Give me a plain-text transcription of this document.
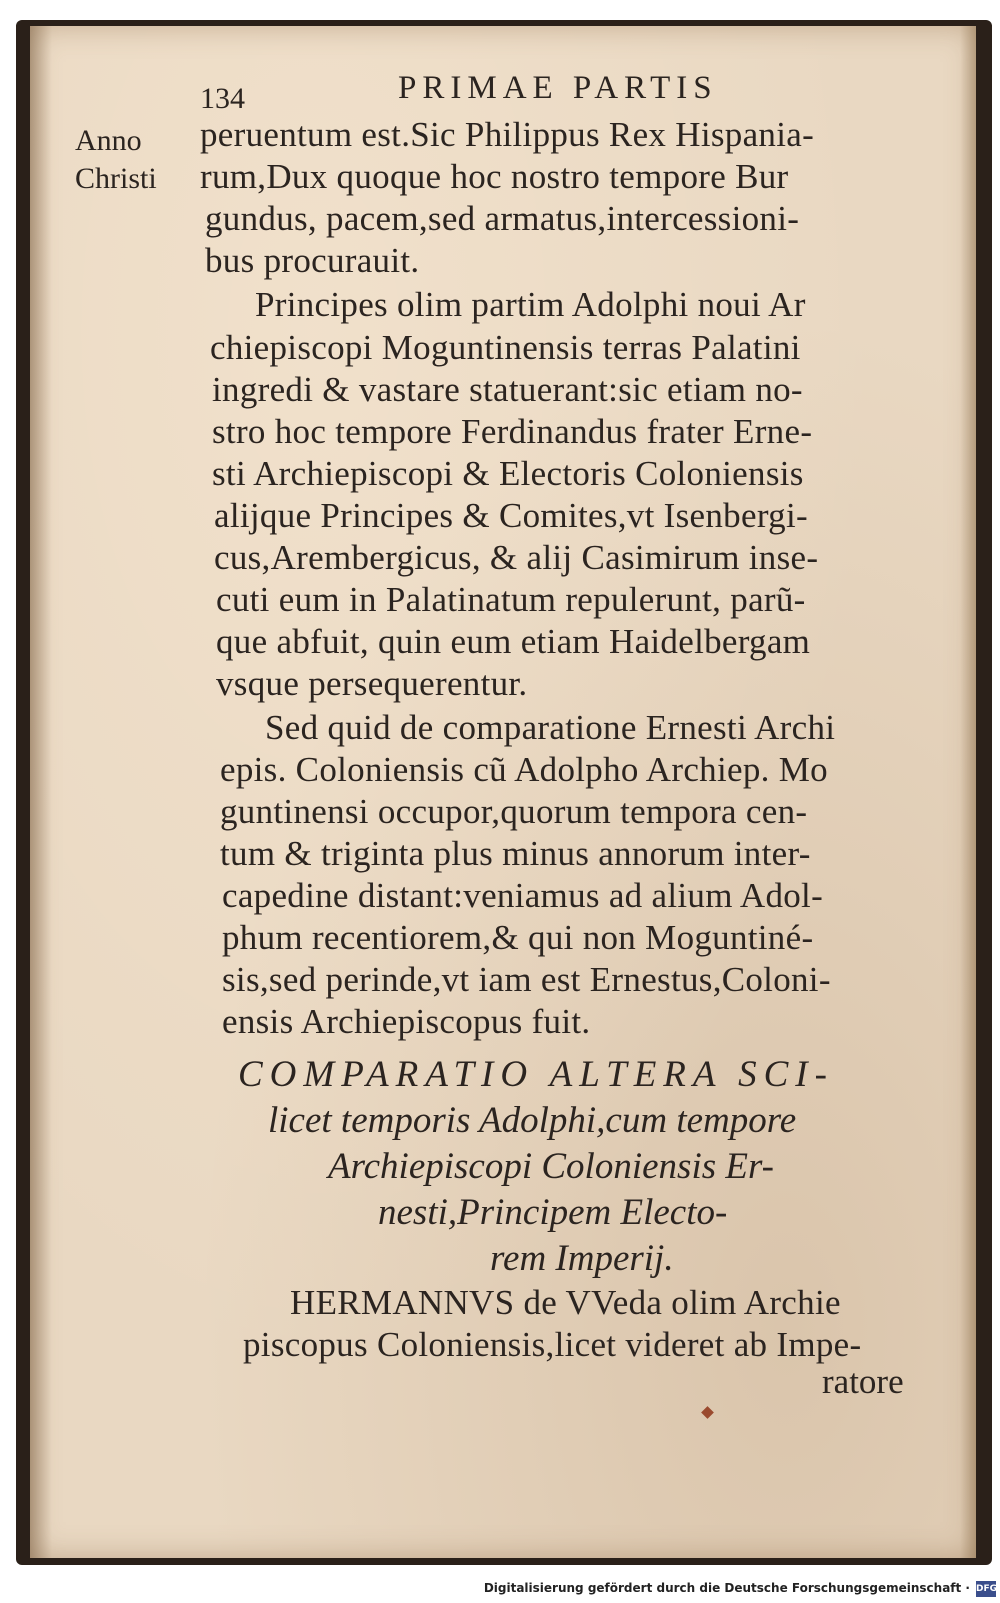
134	PRIMAE PARTIS
Anno
Christi
peruentum est.Sic Philippus Rex Hispania-
rum,Dux quoque hoc nostro tempore Bur
gundus, pacem,sed armatus,intercessioni-
bus procurauit.
Principes olim partim Adolphi noui Ar
chiepiscopi Moguntinensis terras Palatini
ingredi & vastare statuerant:sic etiam no-
stro hoc tempore Ferdinandus frater Erne-
sti Archiepiscopi & Electoris Coloniensis
alijque Principes & Comites,vt Isenbergi-
cus,Arembergicus, & alij Casimirum inse-
cuti eum in Palatinatum repulerunt, parũ-
que abfuit, quin eum etiam Haidelbergam
vsque persequerentur.
Sed quid de comparatione Ernesti Archi
epis. Coloniensis cũ Adolpho Archiep. Mo
guntinensi occupor,quorum tempora cen-
tum & triginta plus minus annorum inter-
capedine distant:veniamus ad alium Adol-
phum recentiorem,& qui non Moguntiné-
sis,sed perinde,vt iam est Ernestus,Coloni-
ensis Archiepiscopus fuit.
COMPARATIO ALTERA SCI-
licet temporis Adolphi,cum tempore
Archiepiscopi Coloniensis Er-
nesti,Principem Electo-
rem Imperij.
HERMANNVS de VVeda olim Archie
piscopus Coloniensis,licet videret ab Impe-
ratore
Digitalisierung gefördert durch die Deutsche Forschungsgemeinschaft · DFG
